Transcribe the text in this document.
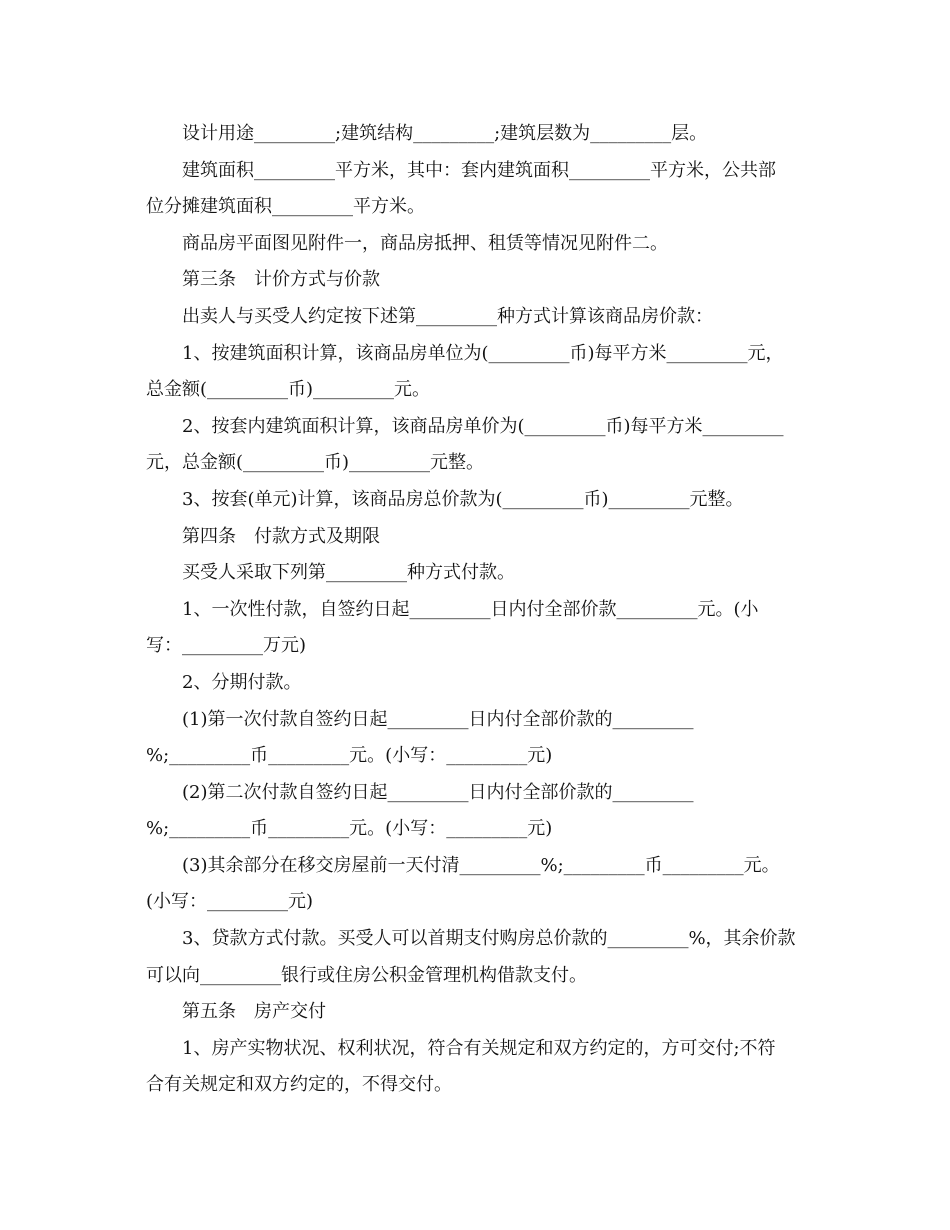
设计用途_________;建筑结构_________;建筑层数为_________层。
建筑面积_________平方米，其中：套内建筑面积_________平方米，公共部
位分摊建筑面积_________平方米。
商品房平面图见附件一，商品房抵押、租赁等情况见附件二。
第三条　计价方式与价款
出卖人与买受人约定按下述第_________种方式计算该商品房价款：
1、按建筑面积计算，该商品房单位为(_________币)每平方米_________元，
总金额(_________币)_________元。
2、按套内建筑面积计算，该商品房单价为(_________币)每平方米_________
元，总金额(_________币)_________元整。
3、按套(单元)计算，该商品房总价款为(_________币)_________元整。
第四条　付款方式及期限
买受人采取下列第_________种方式付款。
1、一次性付款，自签约日起_________日内付全部价款_________元。(小
写：_________万元)
2、分期付款。
(1)第一次付款自签约日起_________日内付全部价款的_________
%;_________币_________元。(小写：_________元)
(2)第二次付款自签约日起_________日内付全部价款的_________
%;_________币_________元。(小写：_________元)
(3)其余部分在移交房屋前一天付清_________%;_________币_________元。
(小写：_________元)
3、贷款方式付款。买受人可以首期支付购房总价款的_________%，其余价款
可以向_________银行或住房公积金管理机构借款支付。
第五条　房产交付
1、房产实物状况、权利状况，符合有关规定和双方约定的，方可交付;不符
合有关规定和双方约定的，不得交付。
